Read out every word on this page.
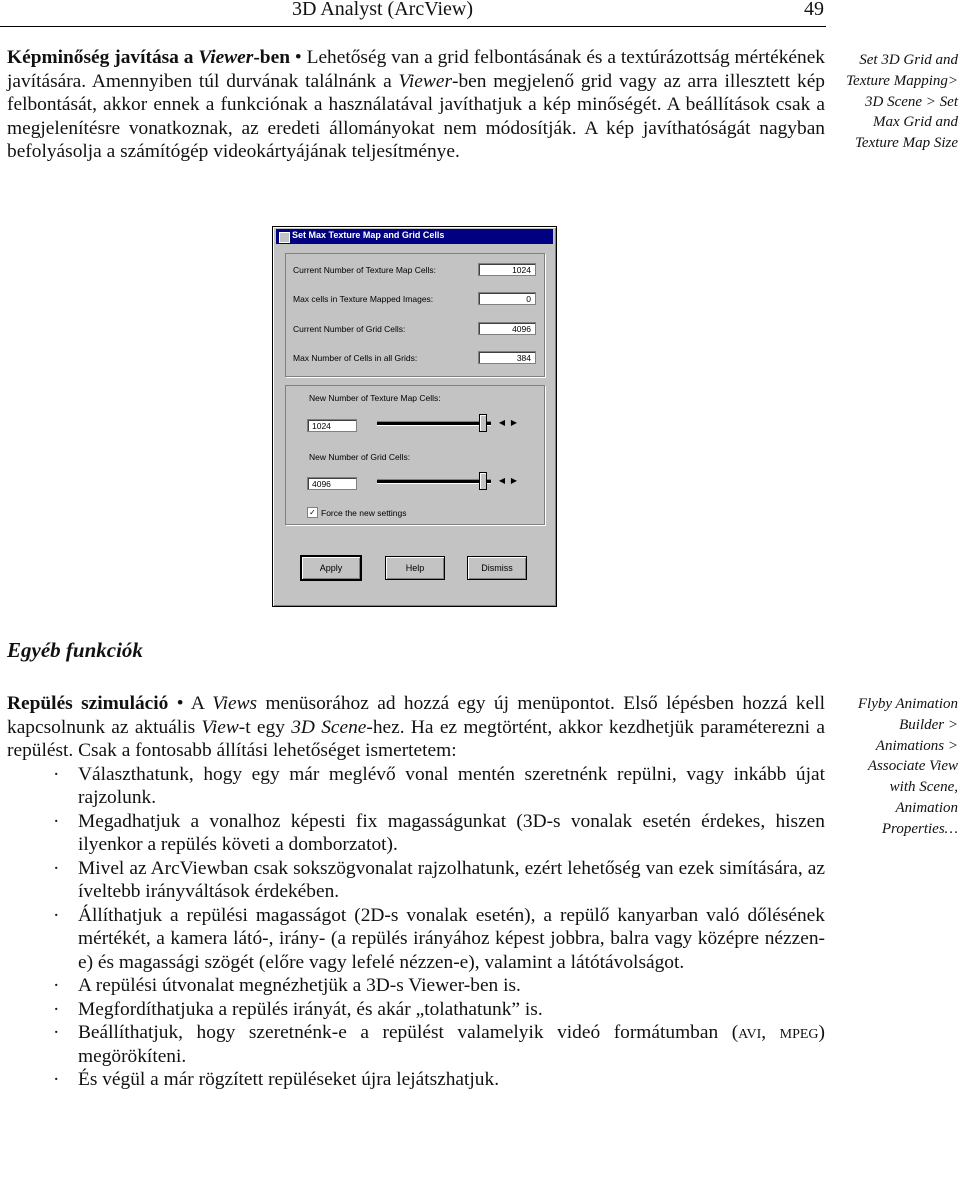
3D Analyst (ArcView)	49
Képminőség javítása a Viewer-ben • Lehetőség van a grid felbontásának és a textúrázottság mértékének javítására. Amennyiben túl durvának találnánk a Viewer-ben megjelenő grid vagy az arra illesztett kép felbontását, akkor ennek a funkciónak a használatával javíthatjuk a kép minőségét. A beállítások csak a megjelenítésre vonatkoznak, az eredeti állományokat nem módosítják. A kép javíthatóságát nagyban befolyásolja a számítógép videokártyájának teljesítménye.
Set 3D Grid and Texture Mapping> 3D Scene > Set Max Grid and Texture Map Size
Set Max Texture Map and Grid Cells
Current Number of Texture Map Cells:	1024
Max cells in Texture Mapped Images:	0
Current Number of Grid Cells:	4096
Max Number of Cells in all Grids:	384
New Number of Texture Map Cells:
1024	◀ ▶
New Number of Grid Cells:
4096	◀ ▶
✓ Force the new settings
Apply	Help	Dismiss
Egyéb funkciók
Repülés szimuláció • A Views menüsorához ad hozzá egy új menüpontot. Első lépésben hozzá kell kapcsolnunk az aktuális View-t egy 3D Scene-hez. Ha ez megtörtént, akkor kezdhetjük paraméterezni a repülést. Csak a fontosabb állítási lehetőséget ismertetem:
· Választhatunk, hogy egy már meglévő vonal mentén szeretnénk repülni, vagy inkább újat rajzolunk.
· Megadhatjuk a vonalhoz képesti fix magasságunkat (3D-s vonalak esetén érdekes, hiszen ilyenkor a repülés követi a domborzatot).
· Mivel az ArcViewban csak sokszögvonalat rajzolhatunk, ezért lehetőség van ezek simítására, az íveltebb irányváltások érdekében.
· Állíthatjuk a repülési magasságot (2D-s vonalak esetén), a repülő kanyarban való dőlésének mértékét, a kamera látó-, irány- (a repülés irányához képest jobbra, balra vagy középre nézzen-e) és magassági szögét (előre vagy lefelé nézzen-e), valamint a látótávolságot.
· A repülési útvonalat megnézhetjük a 3D-s Viewer-ben is.
· Megfordíthatjuka a repülés irányát, és akár „tolathatunk” is.
· Beállíthatjuk, hogy szeretnénk-e a repülést valamelyik videó formátumban (avi, mpeg) megörökíteni.
· És végül a már rögzített repüléseket újra lejátszhatjuk.
Flyby Animation Builder > Animations > Associate View with Scene, Animation Properties…
